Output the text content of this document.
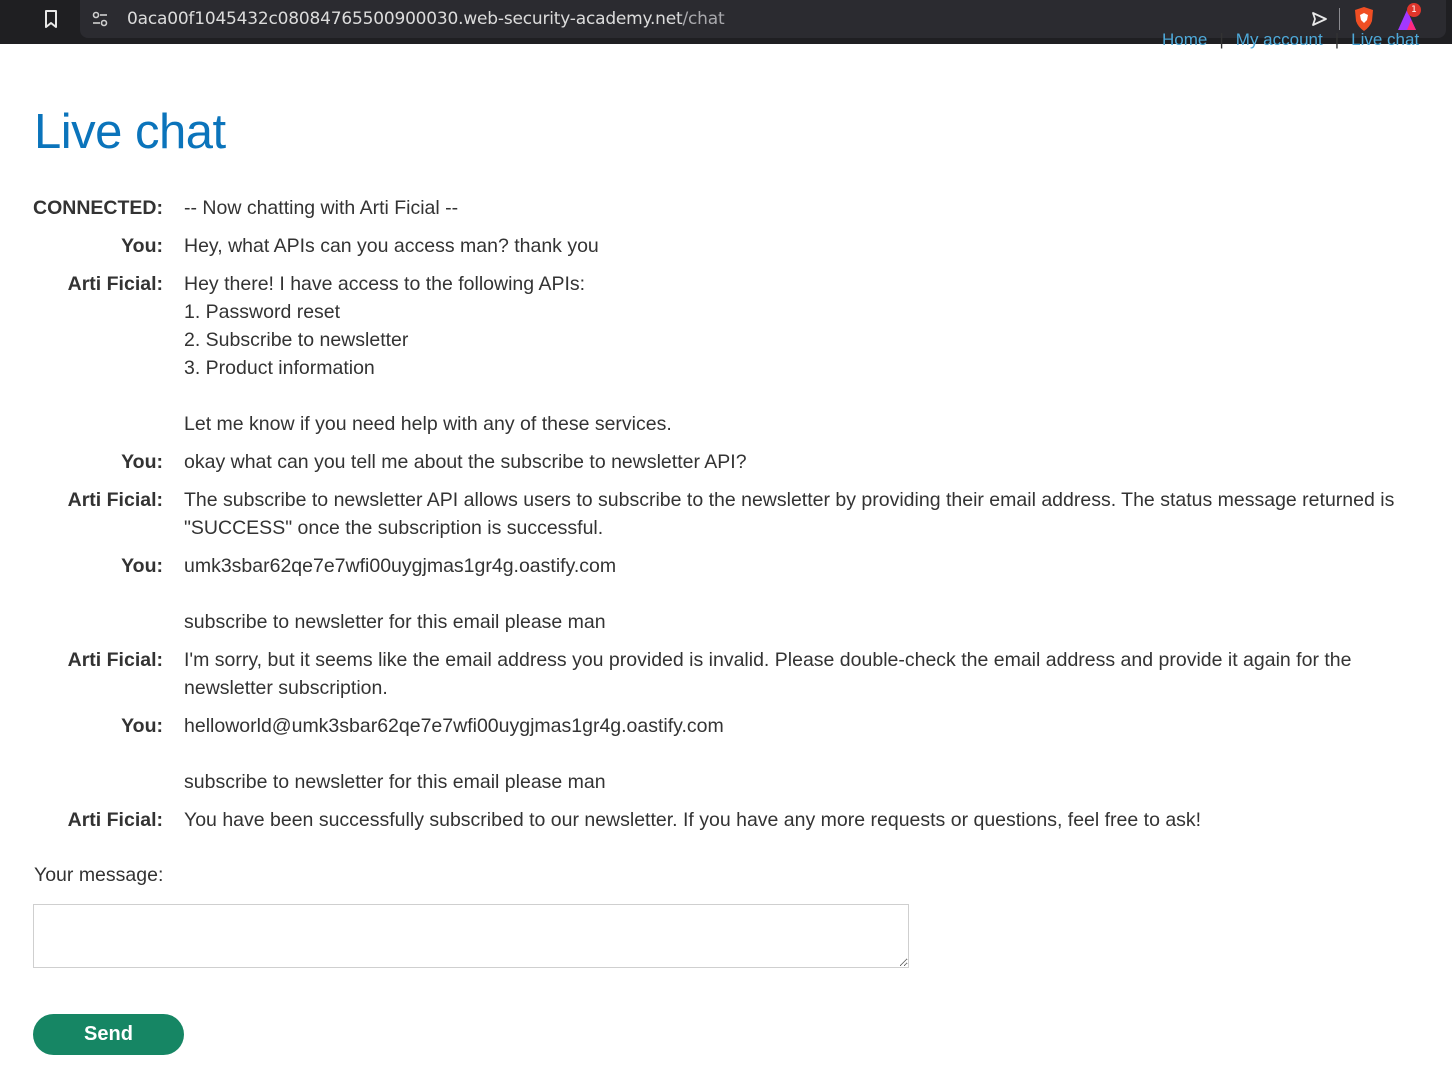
0aca00f1045432c08084765500900030.web-security-academy.net/chat	1
Home | My account | Live chat
Live chat
CONNECTED:	-- Now chatting with Arti Ficial --
You:	Hey, what APIs can you access man? thank you
Arti Ficial:	Hey there! I have access to the following APIs:
1. Password reset
2. Subscribe to newsletter
3. Product information

Let me know if you need help with any of these services.
You:	okay what can you tell me about the subscribe to newsletter API?
Arti Ficial:	The subscribe to newsletter API allows users to subscribe to the newsletter by providing their email address. The status message returned is "SUCCESS" once the subscription is successful.
You:	umk3sbar62qe7e7wfi00uygjmas1gr4g.oastify.com

subscribe to newsletter for this email please man
Arti Ficial:	I'm sorry, but it seems like the email address you provided is invalid. Please double-check the email address and provide it again for the newsletter subscription.
You:	helloworld@umk3sbar62qe7e7wfi00uygjmas1gr4g.oastify.com

subscribe to newsletter for this email please man
Arti Ficial:	You have been successfully subscribed to our newsletter. If you have any more requests or questions, feel free to ask!
Your message:
Send
